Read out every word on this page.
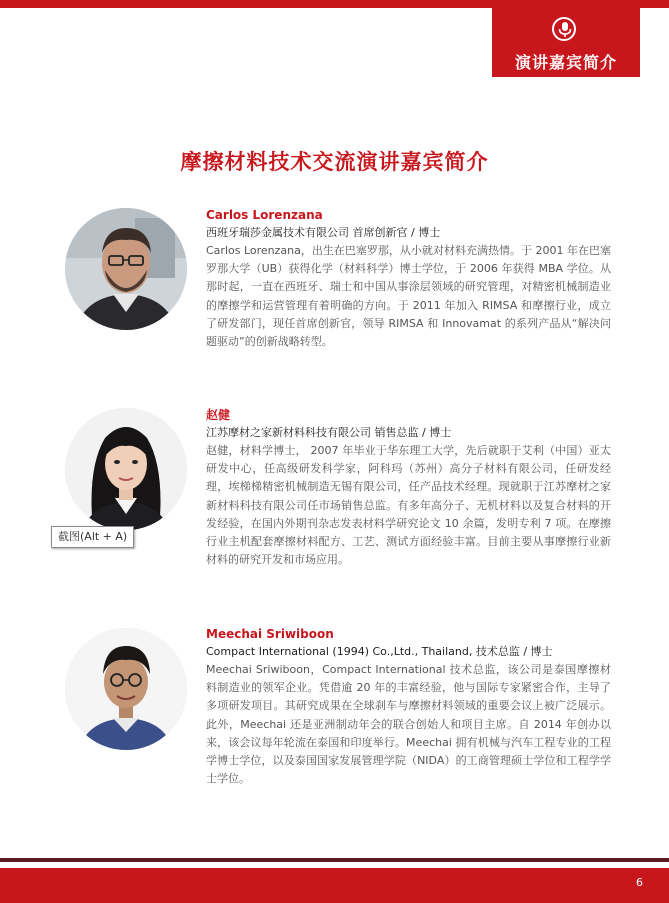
演讲嘉宾简介
摩擦材料技术交流演讲嘉宾简介
Carlos Lorenzana
西班牙瑞莎金属技术有限公司 首席创新官 / 博士
Carlos Lorenzana，出生在巴塞罗那，从小就对材料充满热情。于 2001 年在巴塞罗那大学（UB）获得化学（材料科学）博士学位，于 2006 年获得 MBA 学位。从那时起，一直在西班牙、瑞士和中国从事涂层领域的研究管理，对精密机械制造业的摩擦学和运营管理有着明确的方向。于 2011 年加入 RIMSA 和摩擦行业，成立了研发部门，现任首席创新官，领导 RIMSA 和 Innovamat 的系列产品从“解决问题驱动”的创新战略转型。
赵健
江苏摩材之家新材料科技有限公司 销售总监 / 博士
赵健，材料学博士， 2007 年毕业于华东理工大学，先后就职于艾利（中国）亚太研发中心，任高级研发科学家，阿科玛（苏州）高分子材料有限公司，任研发经理，埃梯梯精密机械制造无锡有限公司，任产品技术经理。现就职于江苏摩材之家新材料科技有限公司任市场销售总监。有多年高分子、无机材料以及复合材料的开发经验，在国内外期刊杂志发表材料学研究论文 10 余篇，发明专利 7 项。在摩擦行业主机配套摩擦材料配方、工艺、测试方面经验丰富。目前主要从事摩擦行业新材料的研究开发和市场应用。
截图(Alt + A)
Meechai Sriwiboon
Compact International (1994) Co.,Ltd., Thailand, 技术总监 / 博士
Meechai Sriwiboon，Compact International 技术总监，该公司是泰国摩擦材料制造业的领军企业。凭借逾 20 年的丰富经验，他与国际专家紧密合作，主导了多项研发项目。其研究成果在全球刹车与摩擦材料领域的重要会议上被广泛展示。此外，Meechai 还是亚洲制动年会的联合创始人和项目主席。自 2014 年创办以来，该会议每年轮流在泰国和印度举行。Meechai 拥有机械与汽车工程专业的工程学博士学位，以及泰国国家发展管理学院（NIDA）的工商管理硕士学位和工程学学士学位。
6
